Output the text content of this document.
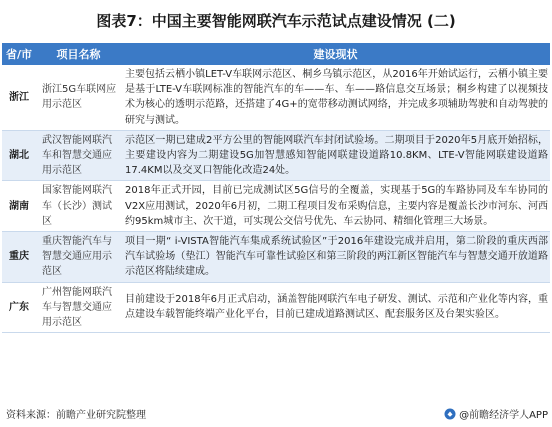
图表7：中国主要智能网联汽车示范试点建设情况 (二)
省/市	项目名称	建设现状
浙江	浙江5G车联网应用示范区	主要包括云栖小镇LET-V车联网示范区、桐乡乌镇示范区，从2016年开始试运行，云栖小镇主要是基于LTE-V车联网标准的智能汽车的车——车、车——路信息交互场景；桐乡构建了以视频技术为核心的透明示范路，还搭建了4G+的宽带移动测试网络，并完成多项辅助驾驶和自动驾驶的研究与测试。
湖北	武汉智能网联汽车和智慧交通应用示范区	示范区一期已建成2平方公里的智能网联汽车封闭试验场。二期项目于2020年5月底开始招标，主要建设内容为二期建设5G加智慧感知智能网联建设道路10.8KM、LTE-V智能网联建设道路17.4KM以及交叉口智能化改造24处。
湖南	国家智能网联汽车（长沙）测试区	2018年正式开园，目前已完成测试区5G信号的全覆盖，实现基于5G的车路协同及车车协同的V2X应用测试，2020年6月初，二期工程项目发布采购信息，主要内容是覆盖长沙市河东、河西约95km城市主、次干道，可实现公交信号优先、车云协同、精细化管理三大场景。
重庆	重庆智能汽车与智慧交通应用示范区	项目一期“ i-VISTA智能汽车集成系统试验区”于2016年建设完成并启用，第二阶段的重庆西部汽车试验场（垫江）智能汽车可靠性试验区和第三阶段的两江新区智能汽车与智慧交通开放道路示范区将陆续建成。
广东	广州智能网联汽车与智慧交通应用示范区	目前建设于2018年6月正式启动，涵盖智能网联汽车电子研发、测试、示范和产业化等内容，重点建设车载智能终端产业化平台，目前已建成道路测试区、配套服务区及台架实验区。
资料来源：前瞻产业研究院整理	@前瞻经济学人APP
